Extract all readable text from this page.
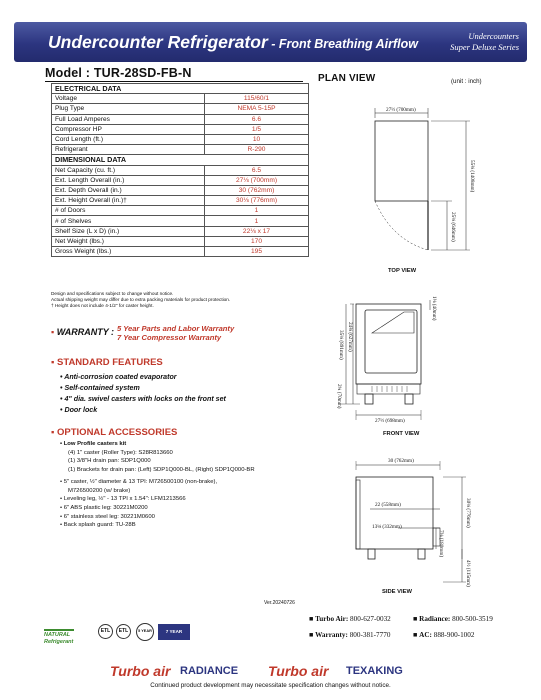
Undercounter Refrigerator - Front Breathing Airflow
Undercounters
Super Deluxe Series
Model : TUR-28SD-FB-N
ELECTRICAL DATA	
Voltage	115/60/1
Plug Type	NEMA 5-15P
Full Load Amperes	6.6
Compressor HP	1/5
Cord Length (ft.)	10
Refrigerant	R-290
DIMENSIONAL DATA	
Net Capacity (cu. ft.)	6.5
Ext. Length Overall (in.)	27⅛ (700mm)
Ext. Depth Overall (in.)	30 (762mm)
Ext. Height Overall (in.)†	30⅛ (776mm)
# of Doors	1
# of Shelves	1
Shelf Size (L x D) (in.)	22⅛ x 17
Net Weight (lbs.)	170
Gross Weight (lbs.)	195
Design and specifications subject to change without notice.
Actual shipping weight may differ due to extra packing materials for product protection.
† Height does not include 4-1/2" for caster height.
▪ WARRANTY : 5 Year Parts and Labor Warranty
7 Year Compressor Warranty
▪ STANDARD FEATURES
• Anti-corrosion coated evaporator
• Self-contained system
• 4" dia. swivel casters with locks on the front set
• Door lock
▪ OPTIONAL ACCESSORIES
• Low Profile casters kit
(4) 1" caster (Roller Type): S28R813660
(1) 3/8"H drain pan: SDP1Q000
(1) Brackets for drain pan: (Left) SDP1Q000-BL, (Right) SDP1Q000-BR
• 5" caster, ½" diameter & 13 TPI: M726500100 (non-brake),
M726500200 (w/ brake)
• Leveling leg, ½" - 13 TPI x 1.54": LFM1213566
• 6" ABS plastic leg: 30221M0200
• 6" stainless steel leg: 30221M0600
• Back splash guard: TU-28B
Ver.20240726
PLAN VIEW	(unit : inch)
27½ (700mm)
55⅝ (1408mm)
25⅛ (646mm)
35⅛ (891mm) 24⅝ (627mm)
2¾ (70mm)
1⅛ (40mm)
27½ (698mm)
30 (762mm)
22 (558mm)
13⅛ (332mm)
7⅛ (180mm)
30⅛ (776mm)
4½ (115mm)
TOP VIEW
FRONT VIEW
SIDE VIEW
NATURAL Refrigerant
ETL	ETL	5 YEAR	7 YEAR
■ Turbo Air: 800-627-0032	■ Radiance: 800-500-3519
■ Warranty: 800-381-7770	■ AC: 888-900-1002
Turbo air RADIANCE Turbo air TEXAKING
Continued product development may necessitate specification changes without notice.
